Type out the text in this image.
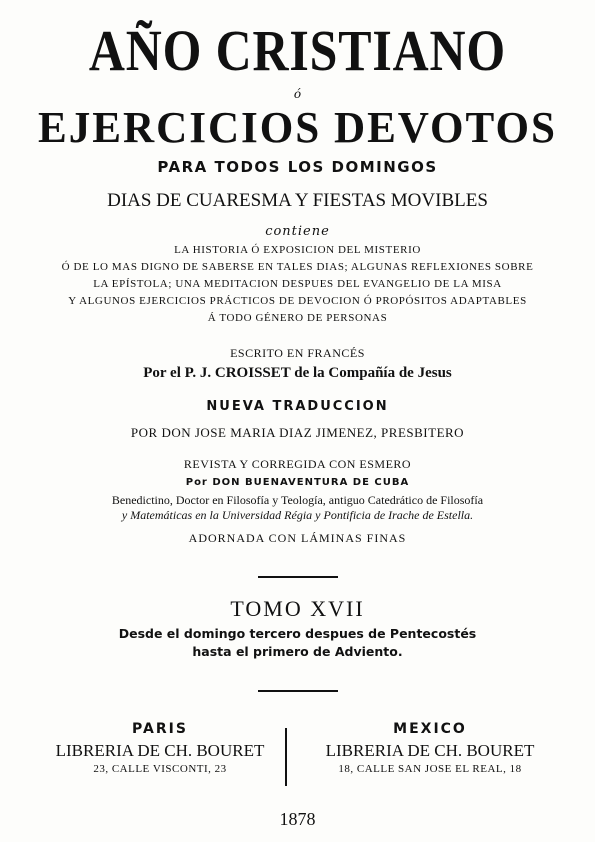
AÑO CRISTIANO
ó
EJERCICIOS DEVOTOS
PARA TODOS LOS DOMINGOS
DIAS DE CUARESMA Y FIESTAS MOVIBLES
contiene
LA HISTORIA Ó EXPOSICION DEL MISTERIO
Ó DE LO MAS DIGNO DE SABERSE EN TALES DIAS; ALGUNAS REFLEXIONES SOBRE
LA EPÍSTOLA; UNA MEDITACION DESPUES DEL EVANGELIO DE LA MISA
Y ALGUNOS EJERCICIOS PRÁCTICOS DE DEVOCION Ó PROPÓSITOS ADAPTABLES
Á TODO GÉNERO DE PERSONAS
ESCRITO EN FRANCÉS
Por el P. J. CROISSET de la Compañía de Jesus
NUEVA TRADUCCION
POR DON JOSE MARIA DIAZ JIMENEZ, PRESBITERO
REVISTA Y CORREGIDA CON ESMERO
Por DON BUENAVENTURA DE CUBA
Benedictino, Doctor en Filosofía y Teología, antiguo Catedrático de Filosofía
y Matemáticas en la Universidad Régia y Pontificia de Irache de Estella.
ADORNADA CON LÁMINAS FINAS
TOMO XVII
Desde el domingo tercero despues de Pentecostés
hasta el primero de Adviento.
PARIS
LIBRERIA DE CH. BOURET
23, CALLE VISCONTI, 23
MEXICO
LIBRERIA DE CH. BOURET
18, CALLE SAN JOSE EL REAL, 18
1878
